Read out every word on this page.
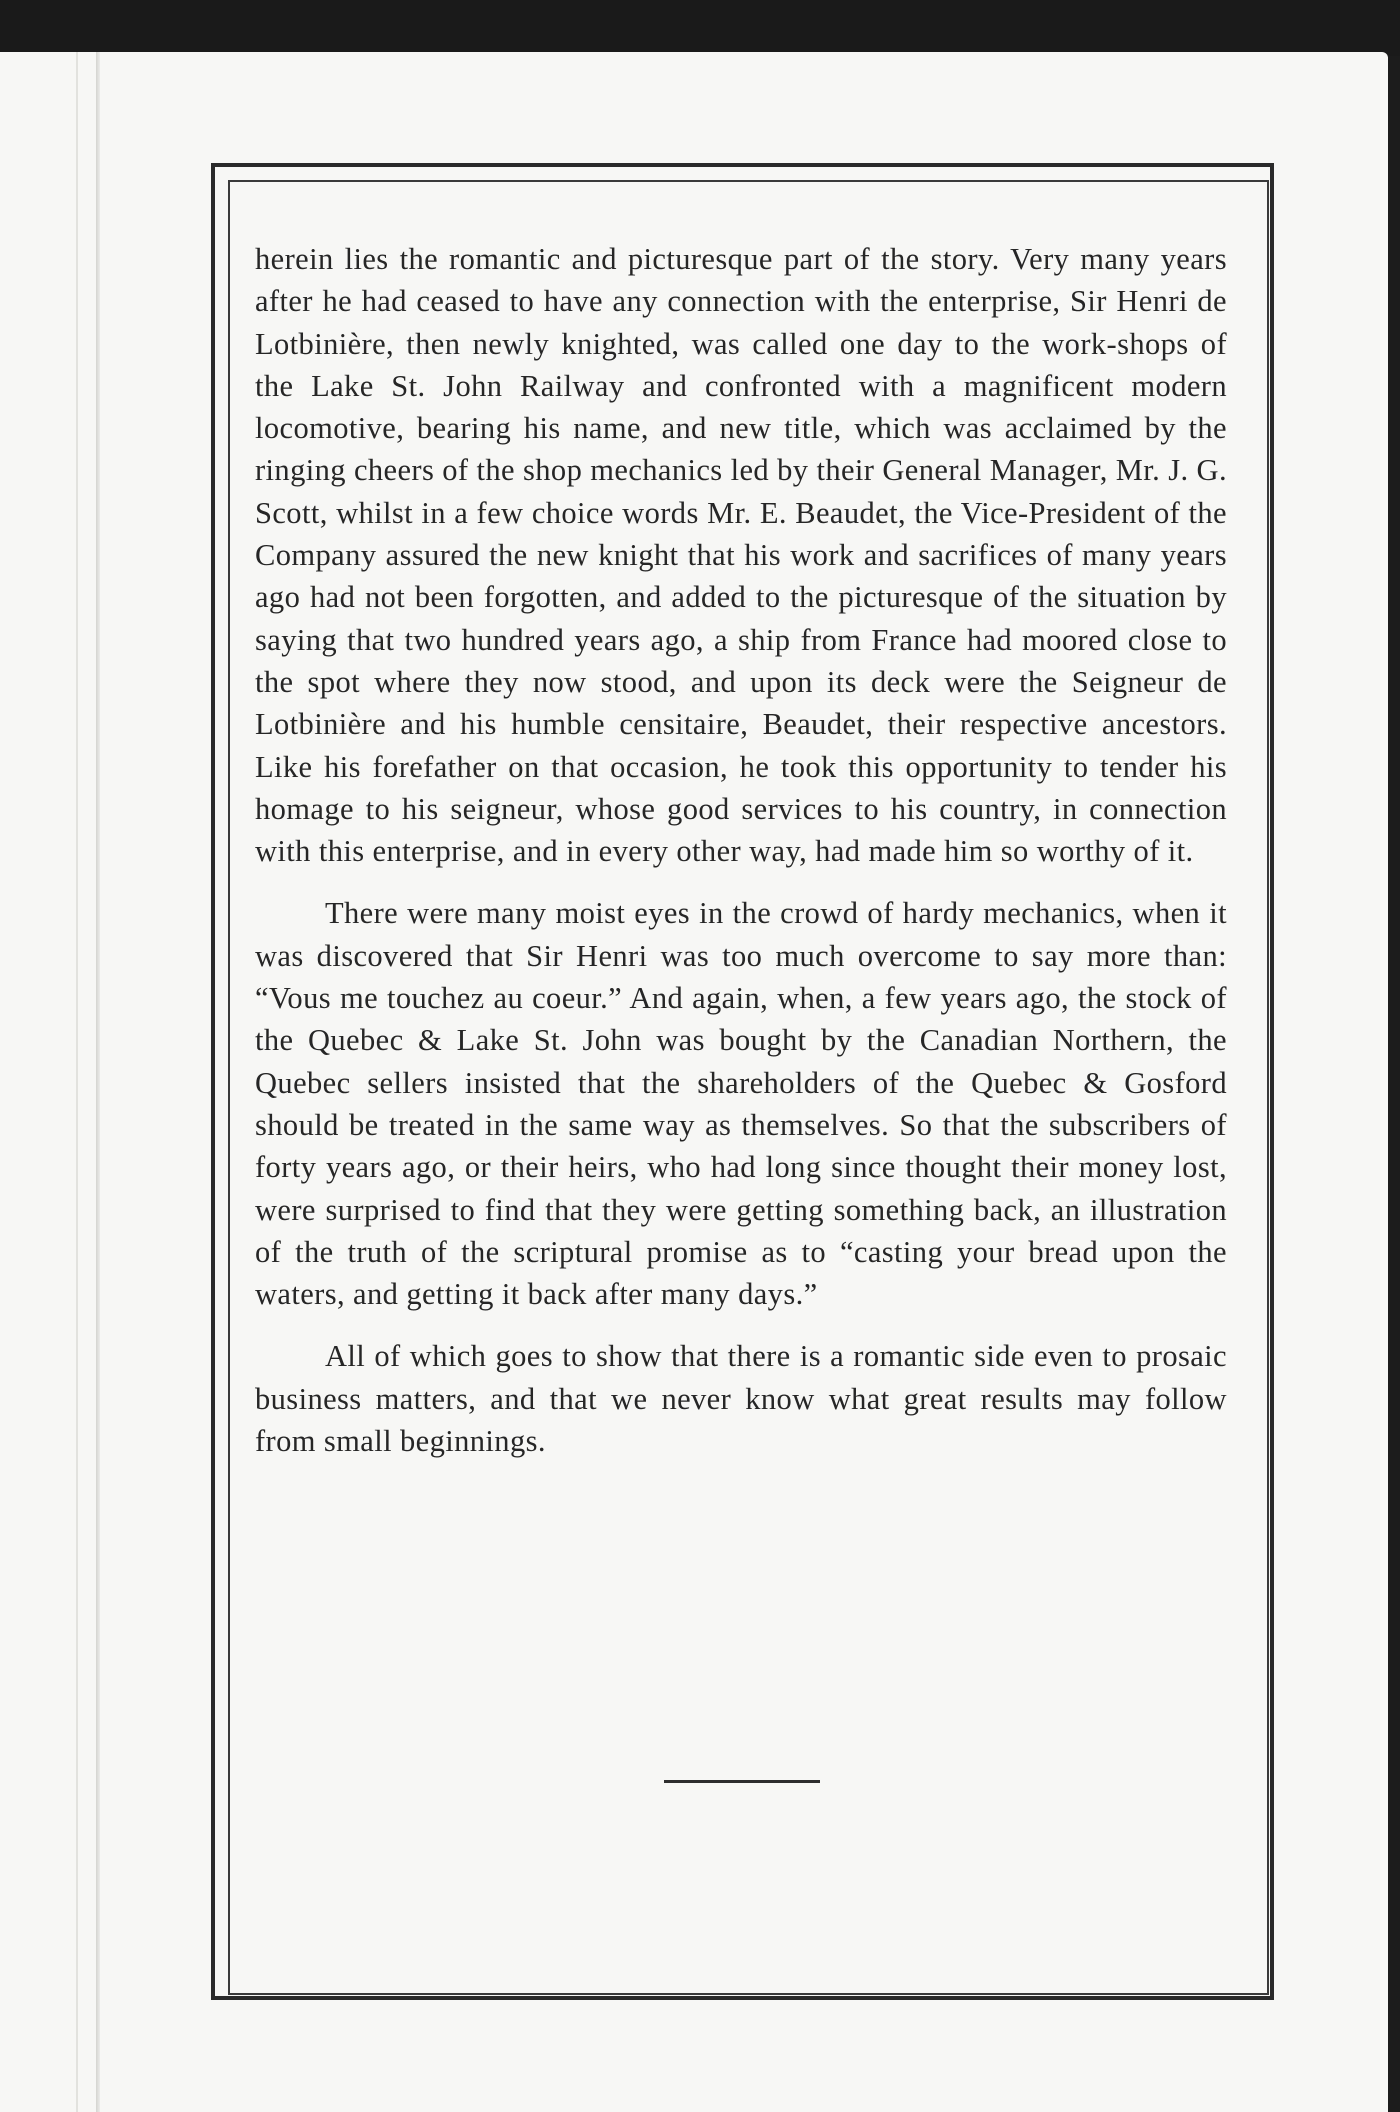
herein lies the romantic and picturesque part of the story. Very many years after he had ceased to have any connection with the enterprise, Sir Henri de Lotbinière, then newly knighted, was called one day to the work-shops of the Lake St. John Railway and confronted with a magnificent modern locomotive, bearing his name, and new title, which was acclaimed by the ringing cheers of the shop mechanics led by their General Manager, Mr. J. G. Scott, whilst in a few choice words Mr. E. Beaudet, the Vice-President of the Company assured the new knight that his work and sacrifices of many years ago had not been forgotten, and added to the picturesque of the situation by saying that two hundred years ago, a ship from France had moored close to the spot where they now stood, and upon its deck were the Seigneur de Lotbinière and his humble censitaire, Beaudet, their respective ancestors. Like his forefather on that occasion, he took this opportunity to tender his homage to his seigneur, whose good services to his country, in connection with this enterprise, and in every other way, had made him so worthy of it.

There were many moist eyes in the crowd of hardy mechanics, when it was discovered that Sir Henri was too much overcome to say more than: “Vous me touchez au coeur.” And again, when, a few years ago, the stock of the Quebec & Lake St. John was bought by the Canadian Northern, the Quebec sellers insisted that the shareholders of the Quebec & Gosford should be treated in the same way as themselves. So that the subscribers of forty years ago, or their heirs, who had long since thought their money lost, were surprised to find that they were getting something back, an illustration of the truth of the scriptural promise as to “casting your bread upon the waters, and getting it back after many days.”

All of which goes to show that there is a romantic side even to prosaic business matters, and that we never know what great results may follow from small beginnings.
